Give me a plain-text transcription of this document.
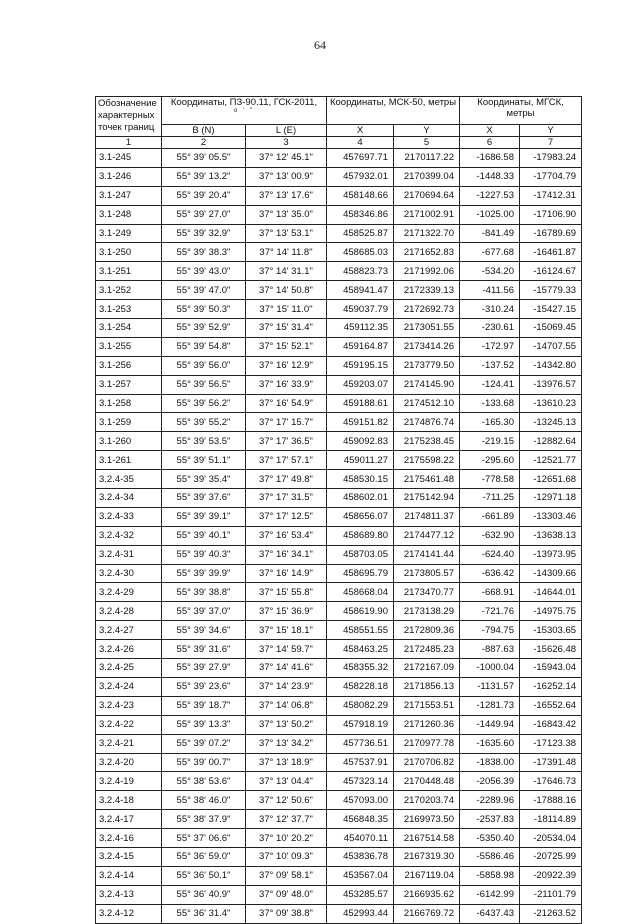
64
Обозначение характерных точек границ	Координаты, ПЗ-90.11, ГСК-2011,
o ' "		Координаты, МСК-50, метры		Координаты, МГСК, метры	
	B (N)	L (E)	X	Y	X	Y
1	2	3	4	5	6	7
3.1-245	55° 39' 05.5"	37° 12' 45.1"	457697.71	2170117.22	-1686.58	-17983.24
3.1-246	55° 39' 13.2"	37° 13' 00.9"	457932.01	2170399.04	-1448.33	-17704.79
3.1-247	55° 39' 20.4"	37° 13' 17.6"	458148.66	2170694.64	-1227.53	-17412.31
3.1-248	55° 39' 27.0"	37° 13' 35.0"	458346.86	2171002.91	-1025.00	-17106.90
3.1-249	55° 39' 32.9"	37° 13' 53.1"	458525.87	2171322.70	-841.49	-16789.69
3.1-250	55° 39' 38.3"	37° 14' 11.8"	458685.03	2171652.83	-677.68	-16461.87
3.1-251	55° 39' 43.0"	37° 14' 31.1"	458823.73	2171992.06	-534.20	-16124.67
3.1-252	55° 39' 47.0"	37° 14' 50.8"	458941.47	2172339.13	-411.56	-15779.33
3.1-253	55° 39' 50.3"	37° 15' 11.0"	459037.79	2172692.73	-310.24	-15427.15
3.1-254	55° 39' 52.9"	37° 15' 31.4"	459112.35	2173051.55	-230.61	-15069.45
3.1-255	55° 39' 54.8"	37° 15' 52.1"	459164.87	2173414.26	-172.97	-14707.55
3.1-256	55° 39' 56.0"	37° 16' 12.9"	459195.15	2173779.50	-137.52	-14342.80
3.1-257	55° 39' 56.5"	37° 16' 33.9"	459203.07	2174145.90	-124.41	-13976.57
3.1-258	55° 39' 56.2"	37° 16' 54.9"	459188.61	2174512.10	-133.68	-13610.23
3.1-259	55° 39' 55.2"	37° 17' 15.7"	459151.82	2174876.74	-165.30	-13245.13
3.1-260	55° 39' 53.5"	37° 17' 36.5"	459092.83	2175238.45	-219.15	-12882.64
3.1-261	55° 39' 51.1"	37° 17' 57.1"	459011.27	2175598.22	-295.60	-12521.77
3.2.4-35	55° 39' 35.4"	37° 17' 49.8"	458530.15	2175461.48	-778.58	-12651.68
3.2.4-34	55° 39' 37.6"	37° 17' 31.5"	458602.01	2175142.94	-711.25	-12971.18
3.2.4-33	55° 39' 39.1"	37° 17' 12.5"	458656.07	2174811.37	-661.89	-13303.46
3.2.4-32	55° 39' 40.1"	37° 16' 53.4"	458689.80	2174477.12	-632.90	-13638.13
3.2.4-31	55° 39' 40.3"	37° 16' 34.1"	458703.05	2174141.44	-624.40	-13973.95
3.2.4-30	55° 39' 39.9"	37° 16' 14.9"	458695.79	2173805.57	-636.42	-14309.66
3.2.4-29	55° 39' 38.8"	37° 15' 55.8"	458668.04	2173470.77	-668.91	-14644.01
3.2.4-28	55° 39' 37.0"	37° 15' 36.9"	458619.90	2173138.29	-721.76	-14975.75
3.2.4-27	55° 39' 34.6"	37° 15' 18.1"	458551.55	2172809.36	-794.75	-15303.65
3.2.4-26	55° 39' 31.6"	37° 14' 59.7"	458463.25	2172485.23	-887.63	-15626.48
3.2.4-25	55° 39' 27.9"	37° 14' 41.6"	458355.32	2172167.09	-1000.04	-15943.04
3.2.4-24	55° 39' 23.6"	37° 14' 23.9"	458228.18	2171856.13	-1131.57	-16252.14
3.2.4-23	55° 39' 18.7"	37° 14' 06.8"	458082.29	2171553.51	-1281.73	-16552.64
3.2.4-22	55° 39' 13.3"	37° 13' 50.2"	457918.19	2171260.36	-1449.94	-16843.42
3.2.4-21	55° 39' 07.2"	37° 13' 34.2"	457736.51	2170977.78	-1635.60	-17123.38
3.2.4-20	55° 39' 00.7"	37° 13' 18.9"	457537.91	2170706.82	-1838.00	-17391.48
3.2.4-19	55° 38' 53.6"	37° 13' 04.4"	457323.14	2170448.48	-2056.39	-17646.73
3.2.4-18	55° 38' 46.0"	37° 12' 50.6"	457093.00	2170203.74	-2289.96	-17888.16
3.2.4-17	55° 38' 37.9"	37° 12' 37.7"	456848.35	2169973.50	-2537.83	-18114.89
3.2.4-16	55° 37' 06.6"	37° 10' 20.2"	454070.11	2167514.58	-5350.40	-20534.04
3.2.4-15	55° 36' 59.0"	37° 10' 09.3"	453836.78	2167319.30	-5586.46	-20725.99
3.2.4-14	55° 36' 50.1"	37° 09' 58.1"	453567.04	2167119.04	-5858.98	-20922.39
3.2.4-13	55° 36' 40.9"	37° 09' 48.0"	453285.57	2166935.62	-6142.99	-21101.79
3.2.4-12	55° 36' 31.4"	37° 09' 38.8"	452993.44	2166769.72	-6437.43	-21263.52
